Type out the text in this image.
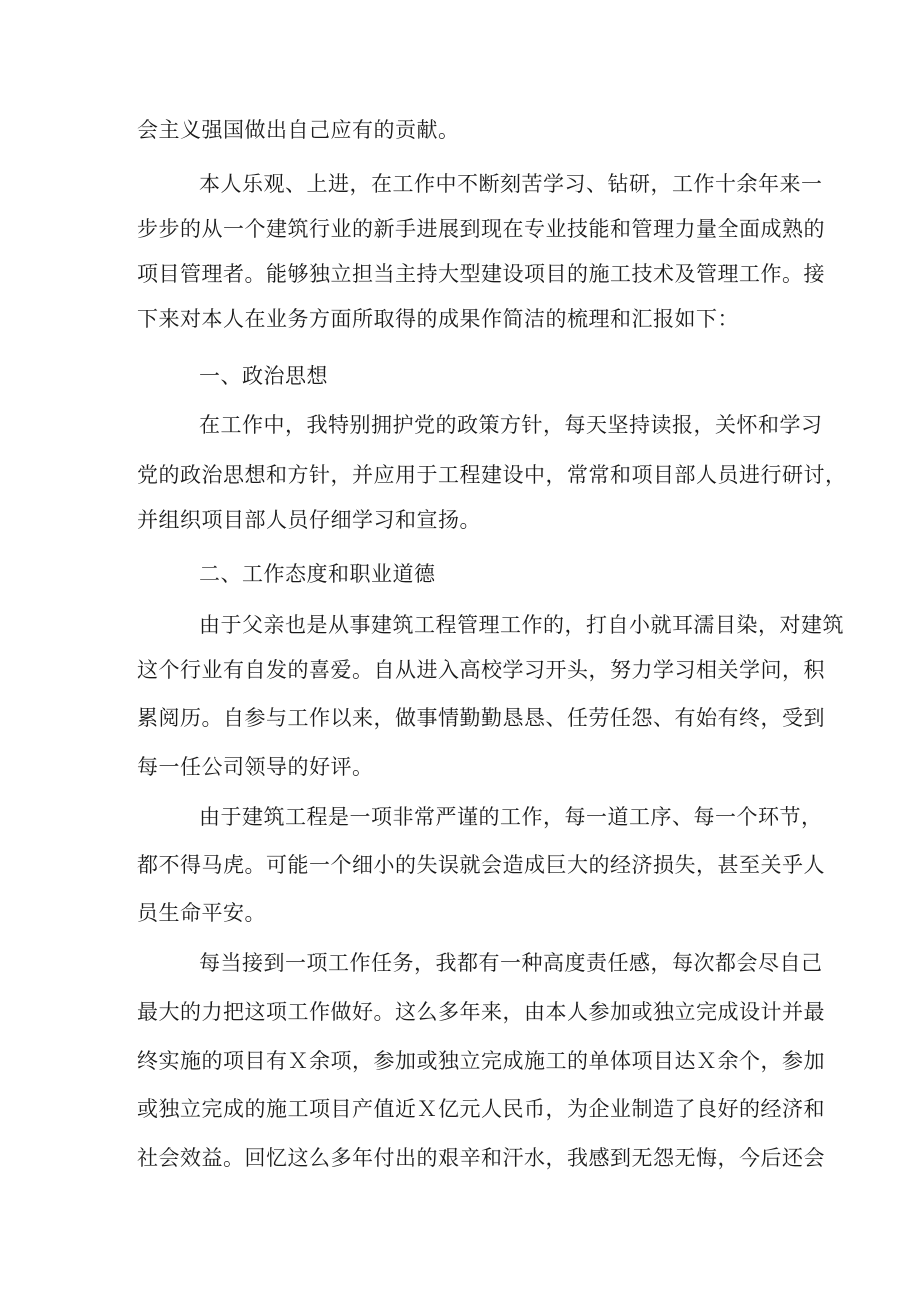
会主义强国做出自己应有的贡献。
本人乐观、上进，在工作中不断刻苦学习、钻研，工作十余年来一
步步的从一个建筑行业的新手进展到现在专业技能和管理力量全面成熟的
项目管理者。能够独立担当主持大型建设项目的施工技术及管理工作。接
下来对本人在业务方面所取得的成果作简洁的梳理和汇报如下：
一、政治思想
在工作中，我特别拥护党的政策方针，每天坚持读报，关怀和学习
党的政治思想和方针，并应用于工程建设中，常常和项目部人员进行研讨，
并组织项目部人员仔细学习和宣扬。
二、工作态度和职业道德
由于父亲也是从事建筑工程管理工作的，打自小就耳濡目染，对建筑
这个行业有自发的喜爱。自从进入高校学习开头，努力学习相关学问，积
累阅历。自参与工作以来，做事情勤勤恳恳、任劳任怨、有始有终，受到
每一任公司领导的好评。
由于建筑工程是一项非常严谨的工作，每一道工序、每一个环节，
都不得马虎。可能一个细小的失误就会造成巨大的经济损失，甚至关乎人
员生命平安。
每当接到一项工作任务，我都有一种高度责任感，每次都会尽自己
最大的力把这项工作做好。这么多年来，由本人参加或独立完成设计并最
终实施的项目有Ｘ余项，参加或独立完成施工的单体项目达Ｘ余个，参加
或独立完成的施工项目产值近Ｘ亿元人民币，为企业制造了良好的经济和
社会效益。回忆这么多年付出的艰辛和汗水，我感到无怨无悔，今后还会
